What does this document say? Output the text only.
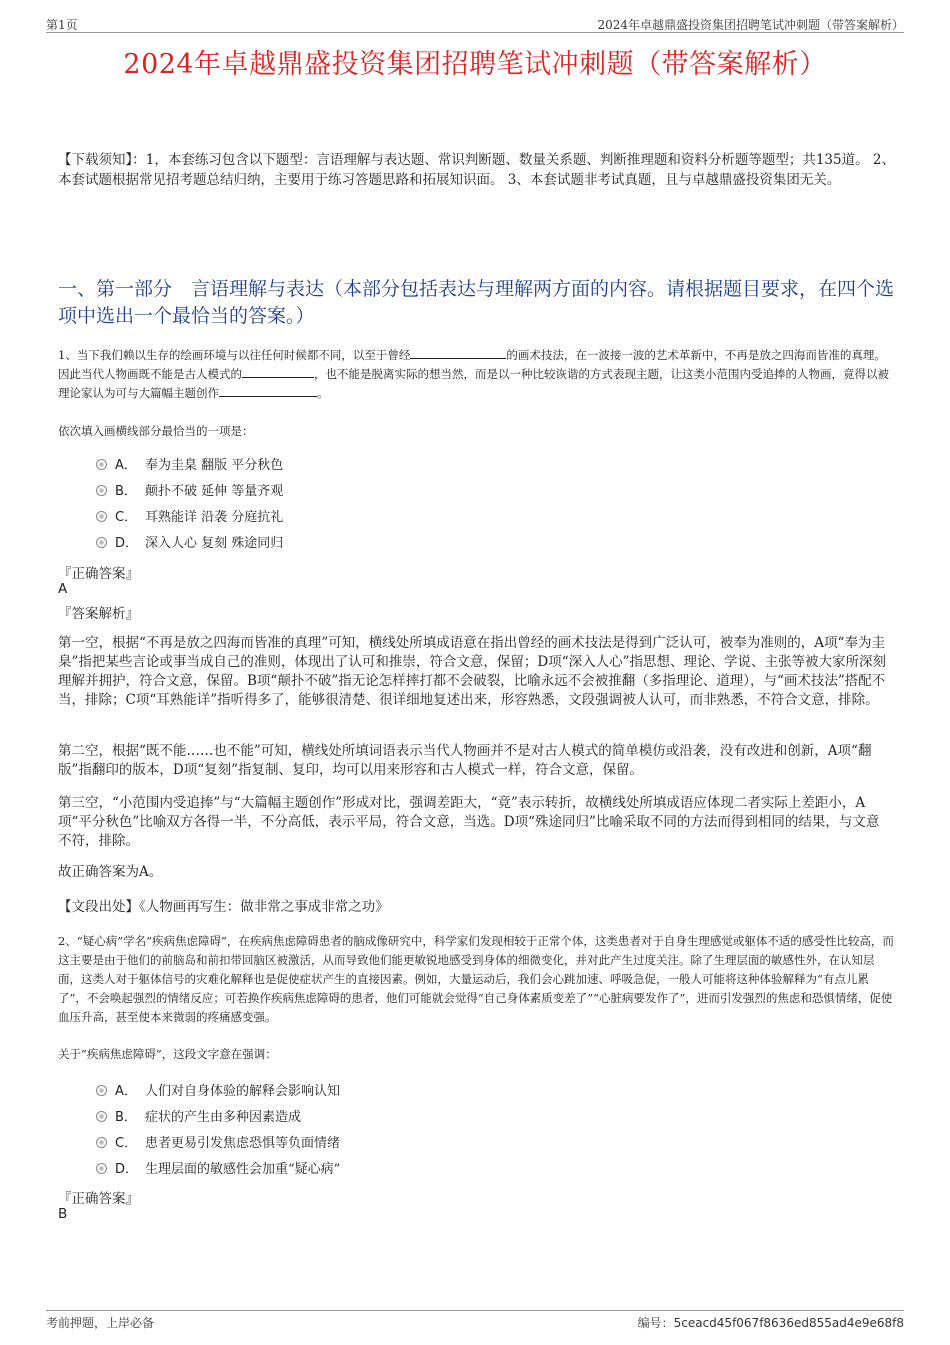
第1页	2024年卓越鼎盛投资集团招聘笔试冲刺题（带答案解析）
2024年卓越鼎盛投资集团招聘笔试冲刺题（带答案解析）
【下载须知】：1，本套练习包含以下题型：言语理解与表达题、常识判断题、数量关系题、判断推理题和资料分析题等题型；共135道。 2、本套试题根据常见招考题总结归纳，主要用于练习答题思路和拓展知识面。 3、本套试题非考试真题，且与卓越鼎盛投资集团无关。
一、第一部分　言语理解与表达（本部分包括表达与理解两方面的内容。请根据题目要求，在四个选项中选出一个最恰当的答案。）
1、当下我们赖以生存的绘画环境与以往任何时候都不同，以至于曾经	的画术技法，在一波接一波的艺术革新中，不再是放之四海而皆准的真理。因此当代人物画既不能是古人模式的	，也不能是脱离实际的想当然，而是以一种比较诙谐的方式表现主题，让这类小范围内受追捧的人物画，竟得以被理论家认为可与大篇幅主题创作	。
依次填入画横线部分最恰当的一项是：
A． 奉为圭臬 翻版 平分秋色
B． 颠扑不破 延伸 等量齐观
C． 耳熟能详 沿袭 分庭抗礼
D． 深入人心 复刻 殊途同归
『正确答案』
A
『答案解析』
第一空，根据“不再是放之四海而皆准的真理”可知，横线处所填成语意在指出曾经的画术技法是得到广泛认可，被奉为准则的，A项“奉为圭臬”指把某些言论或事当成自己的准则，体现出了认可和推崇，符合文意，保留；D项“深入人心”指思想、理论、学说、主张等被大家所深刻理解并拥护，符合文意，保留。B项“颠扑不破”指无论怎样摔打都不会破裂，比喻永远不会被推翻（多指理论、道理），与“画术技法”搭配不当，排除；C项“耳熟能详”指听得多了，能够很清楚、很详细地复述出来，形容熟悉，文段强调被人认可，而非熟悉，不符合文意，排除。
第二空，根据“既不能……也不能”可知，横线处所填词语表示当代人物画并不是对古人模式的简单模仿或沿袭，没有改进和创新，A项“翻版”指翻印的版本，D项“复刻”指复制、复印，均可以用来形容和古人模式一样，符合文意，保留。
第三空，“小范围内受追捧”与“大篇幅主题创作”形成对比，强调差距大，“竟”表示转折，故横线处所填成语应体现二者实际上差距小，A项“平分秋色”比喻双方各得一半，不分高低，表示平局，符合文意，当选。D项“殊途同归”比喻采取不同的方法而得到相同的结果，与文意不符，排除。
故正确答案为A。
【文段出处】《人物画再写生：做非常之事成非常之功》
2、“疑心病”学名“疾病焦虑障碍”，在疾病焦虑障碍患者的脑成像研究中，科学家们发现相较于正常个体，这类患者对于自身生理感觉或躯体不适的感受性比较高，而这主要是由于他们的前脑岛和前扣带回脑区被激活，从而导致他们能更敏锐地感受到身体的细微变化，并对此产生过度关注。除了生理层面的敏感性外，在认知层面，这类人对于躯体信号的灾难化解释也是促使症状产生的直接因素。例如，大量运动后，我们会心跳加速、呼吸急促，一般人可能将这种体验解释为“有点儿累了”，不会唤起强烈的情绪反应；可若换作疾病焦虑障碍的患者，他们可能就会觉得“自己身体素质变差了”“心脏病要发作了”，进而引发强烈的焦虑和恐惧情绪，促使血压升高，甚至使本来微弱的疼痛感变强。
关于“疾病焦虑障碍”，这段文字意在强调：
A． 人们对自身体验的解释会影响认知
B． 症状的产生由多种因素造成
C． 患者更易引发焦虑恐惧等负面情绪
D． 生理层面的敏感性会加重“疑心病”
『正确答案』
B
考前押题，上岸必备	编号：5ceacd45f067f8636ed855ad4e9e68f8
